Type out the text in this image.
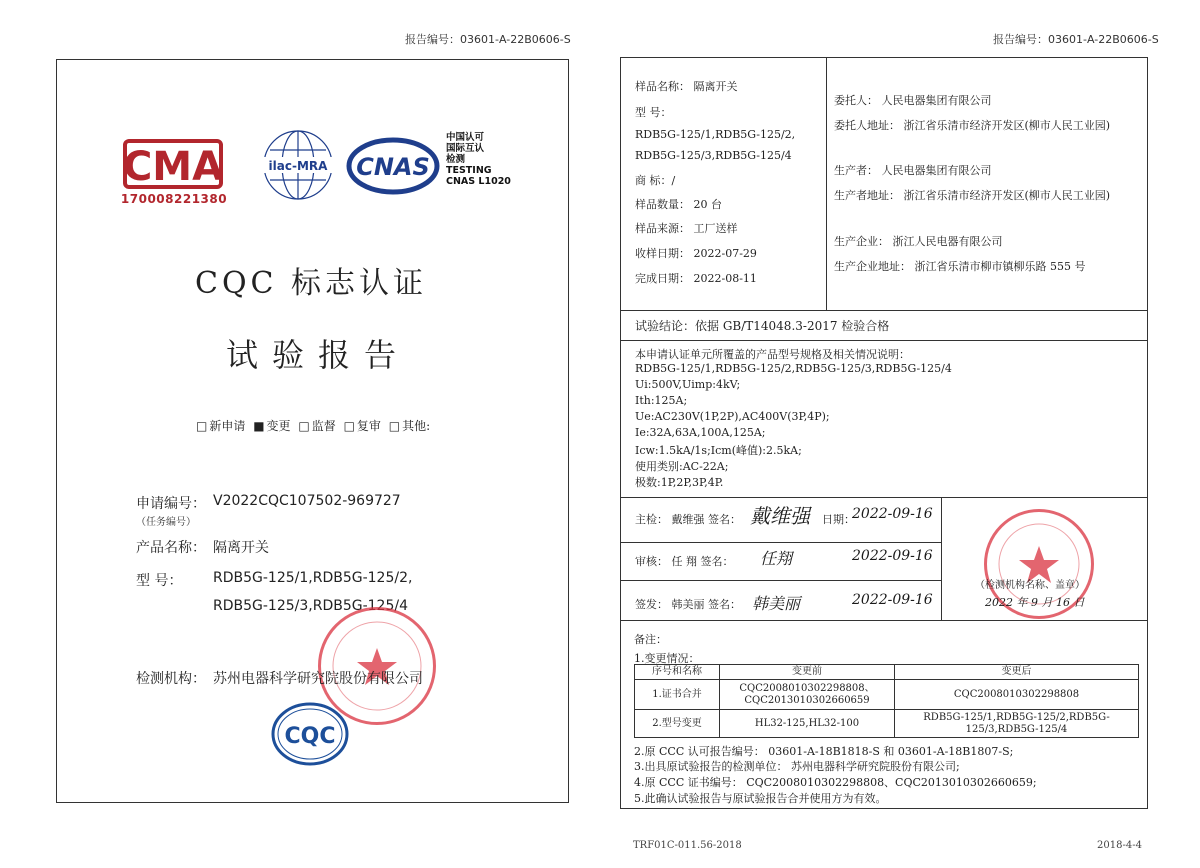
报告编号：03601-A-22B0606-S
CMA
170008221380
ilac-MRA CNAS
中国认可
国际互认
检测
TESTING
CNAS L1020
CQC 标志认证
试验报告
□ 新申请 ■ 变更 □ 监督 □ 复审 □ 其他:
申请编号：
（任务编号）
V2022CQC107502-969727
产品名称： 隔离开关
型 号： RDB5G-125/1,RDB5G-125/2,
RDB5G-125/3,RDB5G-125/4
检测机构： 苏州电器科学研究院股份有限公司
CQC
报告编号：03601-A-22B0606-S
样品名称： 隔离开关
型 号：
RDB5G-125/1,RDB5G-125/2,
RDB5G-125/3,RDB5G-125/4
商 标：/
样品数量： 20 台
样品来源： 工厂送样
收样日期： 2022-07-29
完成日期： 2022-08-11
委托人： 人民电器集团有限公司
委托人地址： 浙江省乐清市经济开发区(柳市人民工业园)
生产者： 人民电器集团有限公司
生产者地址： 浙江省乐清市经济开发区(柳市人民工业园)
生产企业： 浙江人民电器有限公司
生产企业地址： 浙江省乐清市柳市镇柳乐路 555 号
试验结论：依据 GB/T14048.3-2017 检验合格
本申请认证单元所覆盖的产品型号规格及相关情况说明：
RDB5G-125/1,RDB5G-125/2,RDB5G-125/3,RDB5G-125/4
Ui:500V,Uimp:4kV;
Ith:125A;
Ue:AC230V(1P,2P),AC400V(3P,4P);
Ie:32A,63A,100A,125A;
Icw:1.5kA/1s;Icm(峰值):2.5kA;
使用类别:AC-22A;
极数:1P,2P,3P,4P.
主检： 戴维强 签名： 戴维强 日期：
2022-09-16
审核： 任 翔 签名： 任翔	2022-09-16
签发： 韩美丽 签名： 韩美丽	2022-09-16
（检测机构名称、盖章）
2022 年 9 月 16 日
备注：
1.变更情况：
序号和名称	变更前	变更后
1.证书合并	CQC2008010302298808、
CQC2013010302660659	CQC2008010302298808
2.型号变更	HL32-125,HL32-100	RDB5G-125/1,RDB5G-125/2,RDB5G-125/3,RDB5G-125/4
2.原 CCC 认可报告编号： 03601-A-18B1818-S 和 03601-A-18B1807-S;
3.出具原试验报告的检测单位： 苏州电器科学研究院股份有限公司;
4.原 CCC 证书编号： CQC2008010302298808、CQC2013010302660659;
5.此确认试验报告与原试验报告合并使用方为有效。
TRF01C-011.56-2018	2018-4-4
